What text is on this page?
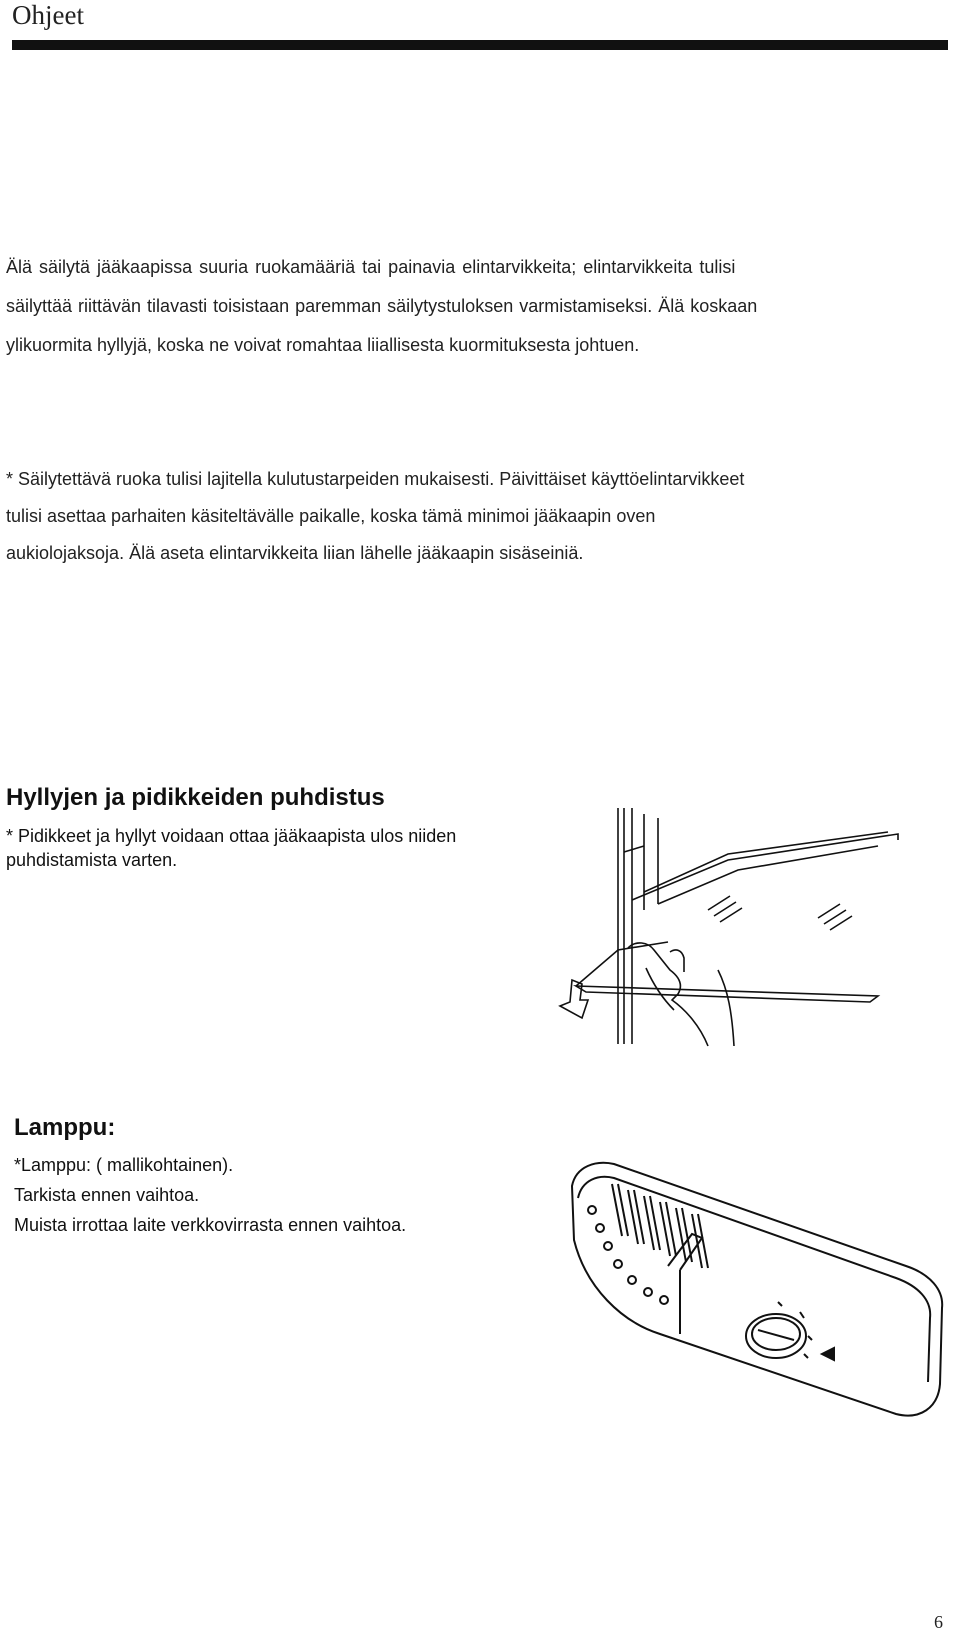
Ohjeet
Älä säilytä jääkaapissa suuria ruokamääriä tai painavia elintarvikkeita; elintarvikkeita tulisi
säilyttää riittävän tilavasti toisistaan paremman säilytystuloksen varmistamiseksi. Älä koskaan
ylikuormita hyllyjä, koska ne voivat romahtaa liiallisesta kuormituksesta johtuen.
* Säilytettävä ruoka tulisi lajitella kulutustarpeiden mukaisesti. Päivittäiset käyttöelintarvikkeet
tulisi asettaa parhaiten käsiteltävälle paikalle, koska tämä minimoi jääkaapin oven
aukiolojaksoja. Älä aseta elintarvikkeita liian lähelle jääkaapin sisäseiniä.
Hyllyjen ja pidikkeiden puhdistus
* Pidikkeet ja hyllyt voidaan ottaa jääkaapista ulos niiden puhdistamista varten.
Lamppu:
*Lamppu: ( mallikohtainen).
Tarkista ennen vaihtoa.
Muista irrottaa laite verkkovirrasta ennen vaihtoa.
6
